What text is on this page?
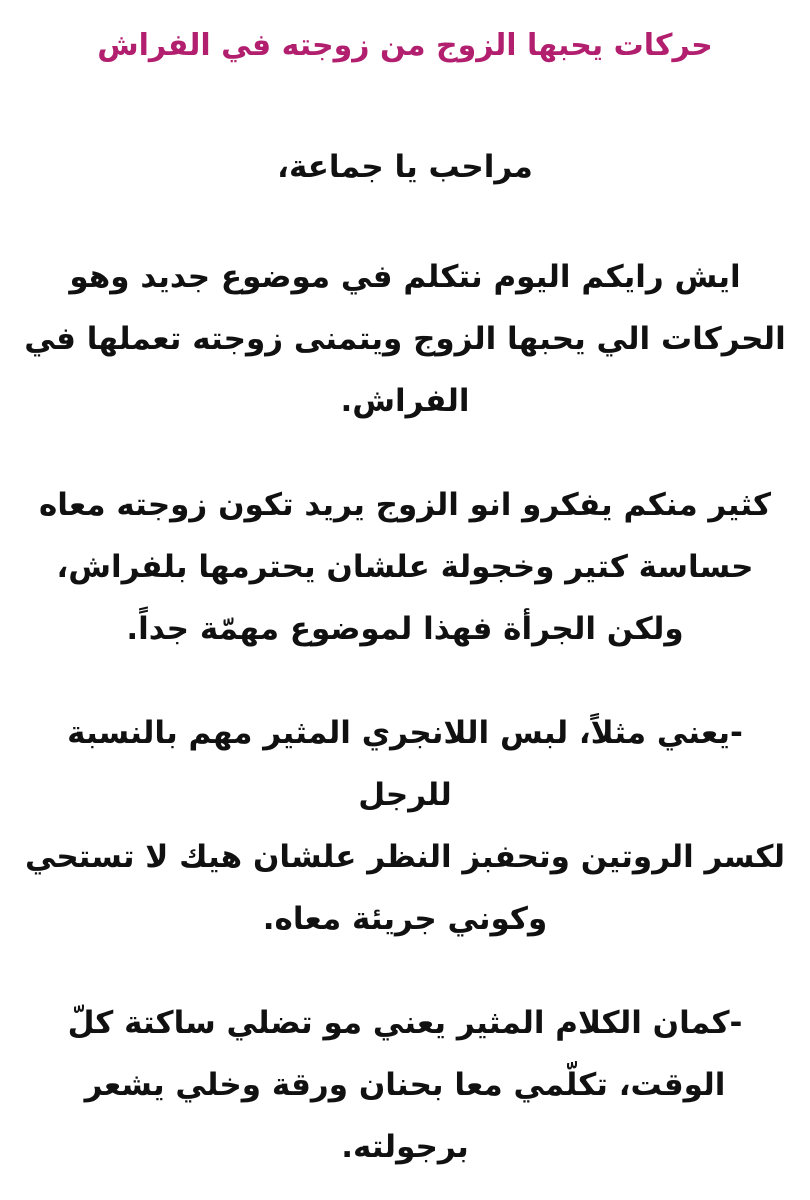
حركات يحبها الزوج من زوجته في الفراش
مراحب يا جماعة،
ايش رايكم اليوم نتكلم في موضوع جديد وهو
الحركات الي يحبها الزوج ويتمنى زوجته تعملها في
الفراش.
كثير منكم يفكرو انو الزوج يريد تكون زوجته معاه
حساسة كتير وخجولة علشان يحترمها بلفراش،
ولكن الجرأة فهذا لموضوع مهمّة جداً.
-يعني مثلاً، لبس اللانجري المثير مهم بالنسبة للرجل
لكسر الروتين وتحفبز النظر علشان هيك لا تستحي
وكوني جريئة معاه.
-كمان الكلام المثير يعني مو تضلي ساكتة كلّ
الوقت، تكلّمي معا بحنان ورقة وخلي يشعر
برجولته.
